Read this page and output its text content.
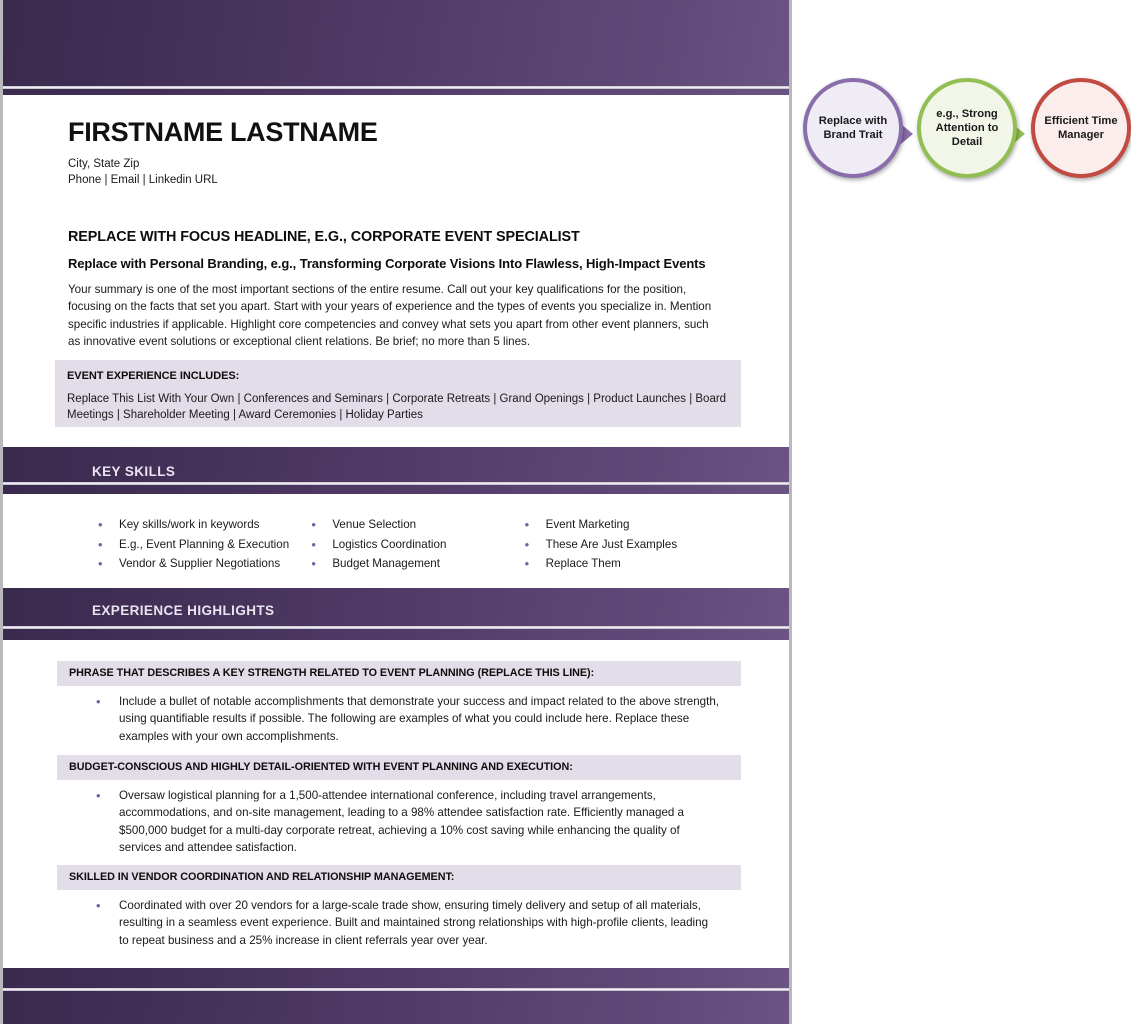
FIRSTNAME LASTNAME
City, State Zip
Phone | Email | Linkedin URL
Replace with Brand Trait
e.g., Strong Attention to Detail
Efficient Time Manager
REPLACE WITH FOCUS HEADLINE, E.G., CORPORATE EVENT SPECIALIST
Replace with Personal Branding, e.g., Transforming Corporate Visions Into Flawless, High-Impact Events
Your summary is one of the most important sections of the entire resume. Call out your key qualifications for the position, focusing on the facts that set you apart. Start with your years of experience and the types of events you specialize in. Mention specific industries if applicable. Highlight core competencies and convey what sets you apart from other event planners, such as innovative event solutions or exceptional client relations. Be brief; no more than 5 lines.
EVENT EXPERIENCE INCLUDES:
Replace This List With Your Own | Conferences and Seminars | Corporate Retreats | Grand Openings | Product Launches | Board Meetings | Shareholder Meeting | Award Ceremonies | Holiday Parties
KEY SKILLS
• Key skills/work in keywords
• E.g., Event Planning & Execution
• Vendor & Supplier Negotiations
• Venue Selection
• Logistics Coordination
• Budget Management
• Event Marketing
• These Are Just Examples
• Replace Them
EXPERIENCE HIGHLIGHTS
PHRASE THAT DESCRIBES A KEY STRENGTH RELATED TO EVENT PLANNING (REPLACE THIS LINE):
• Include a bullet of notable accomplishments that demonstrate your success and impact related to the above strength, using quantifiable results if possible. The following are examples of what you could include here. Replace these examples with your own accomplishments.
BUDGET-CONSCIOUS AND HIGHLY DETAIL-ORIENTED WITH EVENT PLANNING AND EXECUTION:
• Oversaw logistical planning for a 1,500-attendee international conference, including travel arrangements, accommodations, and on-site management, leading to a 98% attendee satisfaction rate. Efficiently managed a $500,000 budget for a multi-day corporate retreat, achieving a 10% cost saving while enhancing the quality of services and attendee satisfaction.
SKILLED IN VENDOR COORDINATION AND RELATIONSHIP MANAGEMENT:
• Coordinated with over 20 vendors for a large-scale trade show, ensuring timely delivery and setup of all materials, resulting in a seamless event experience. Built and maintained strong relationships with high-profile clients, leading to repeat business and a 25% increase in client referrals year over year.
